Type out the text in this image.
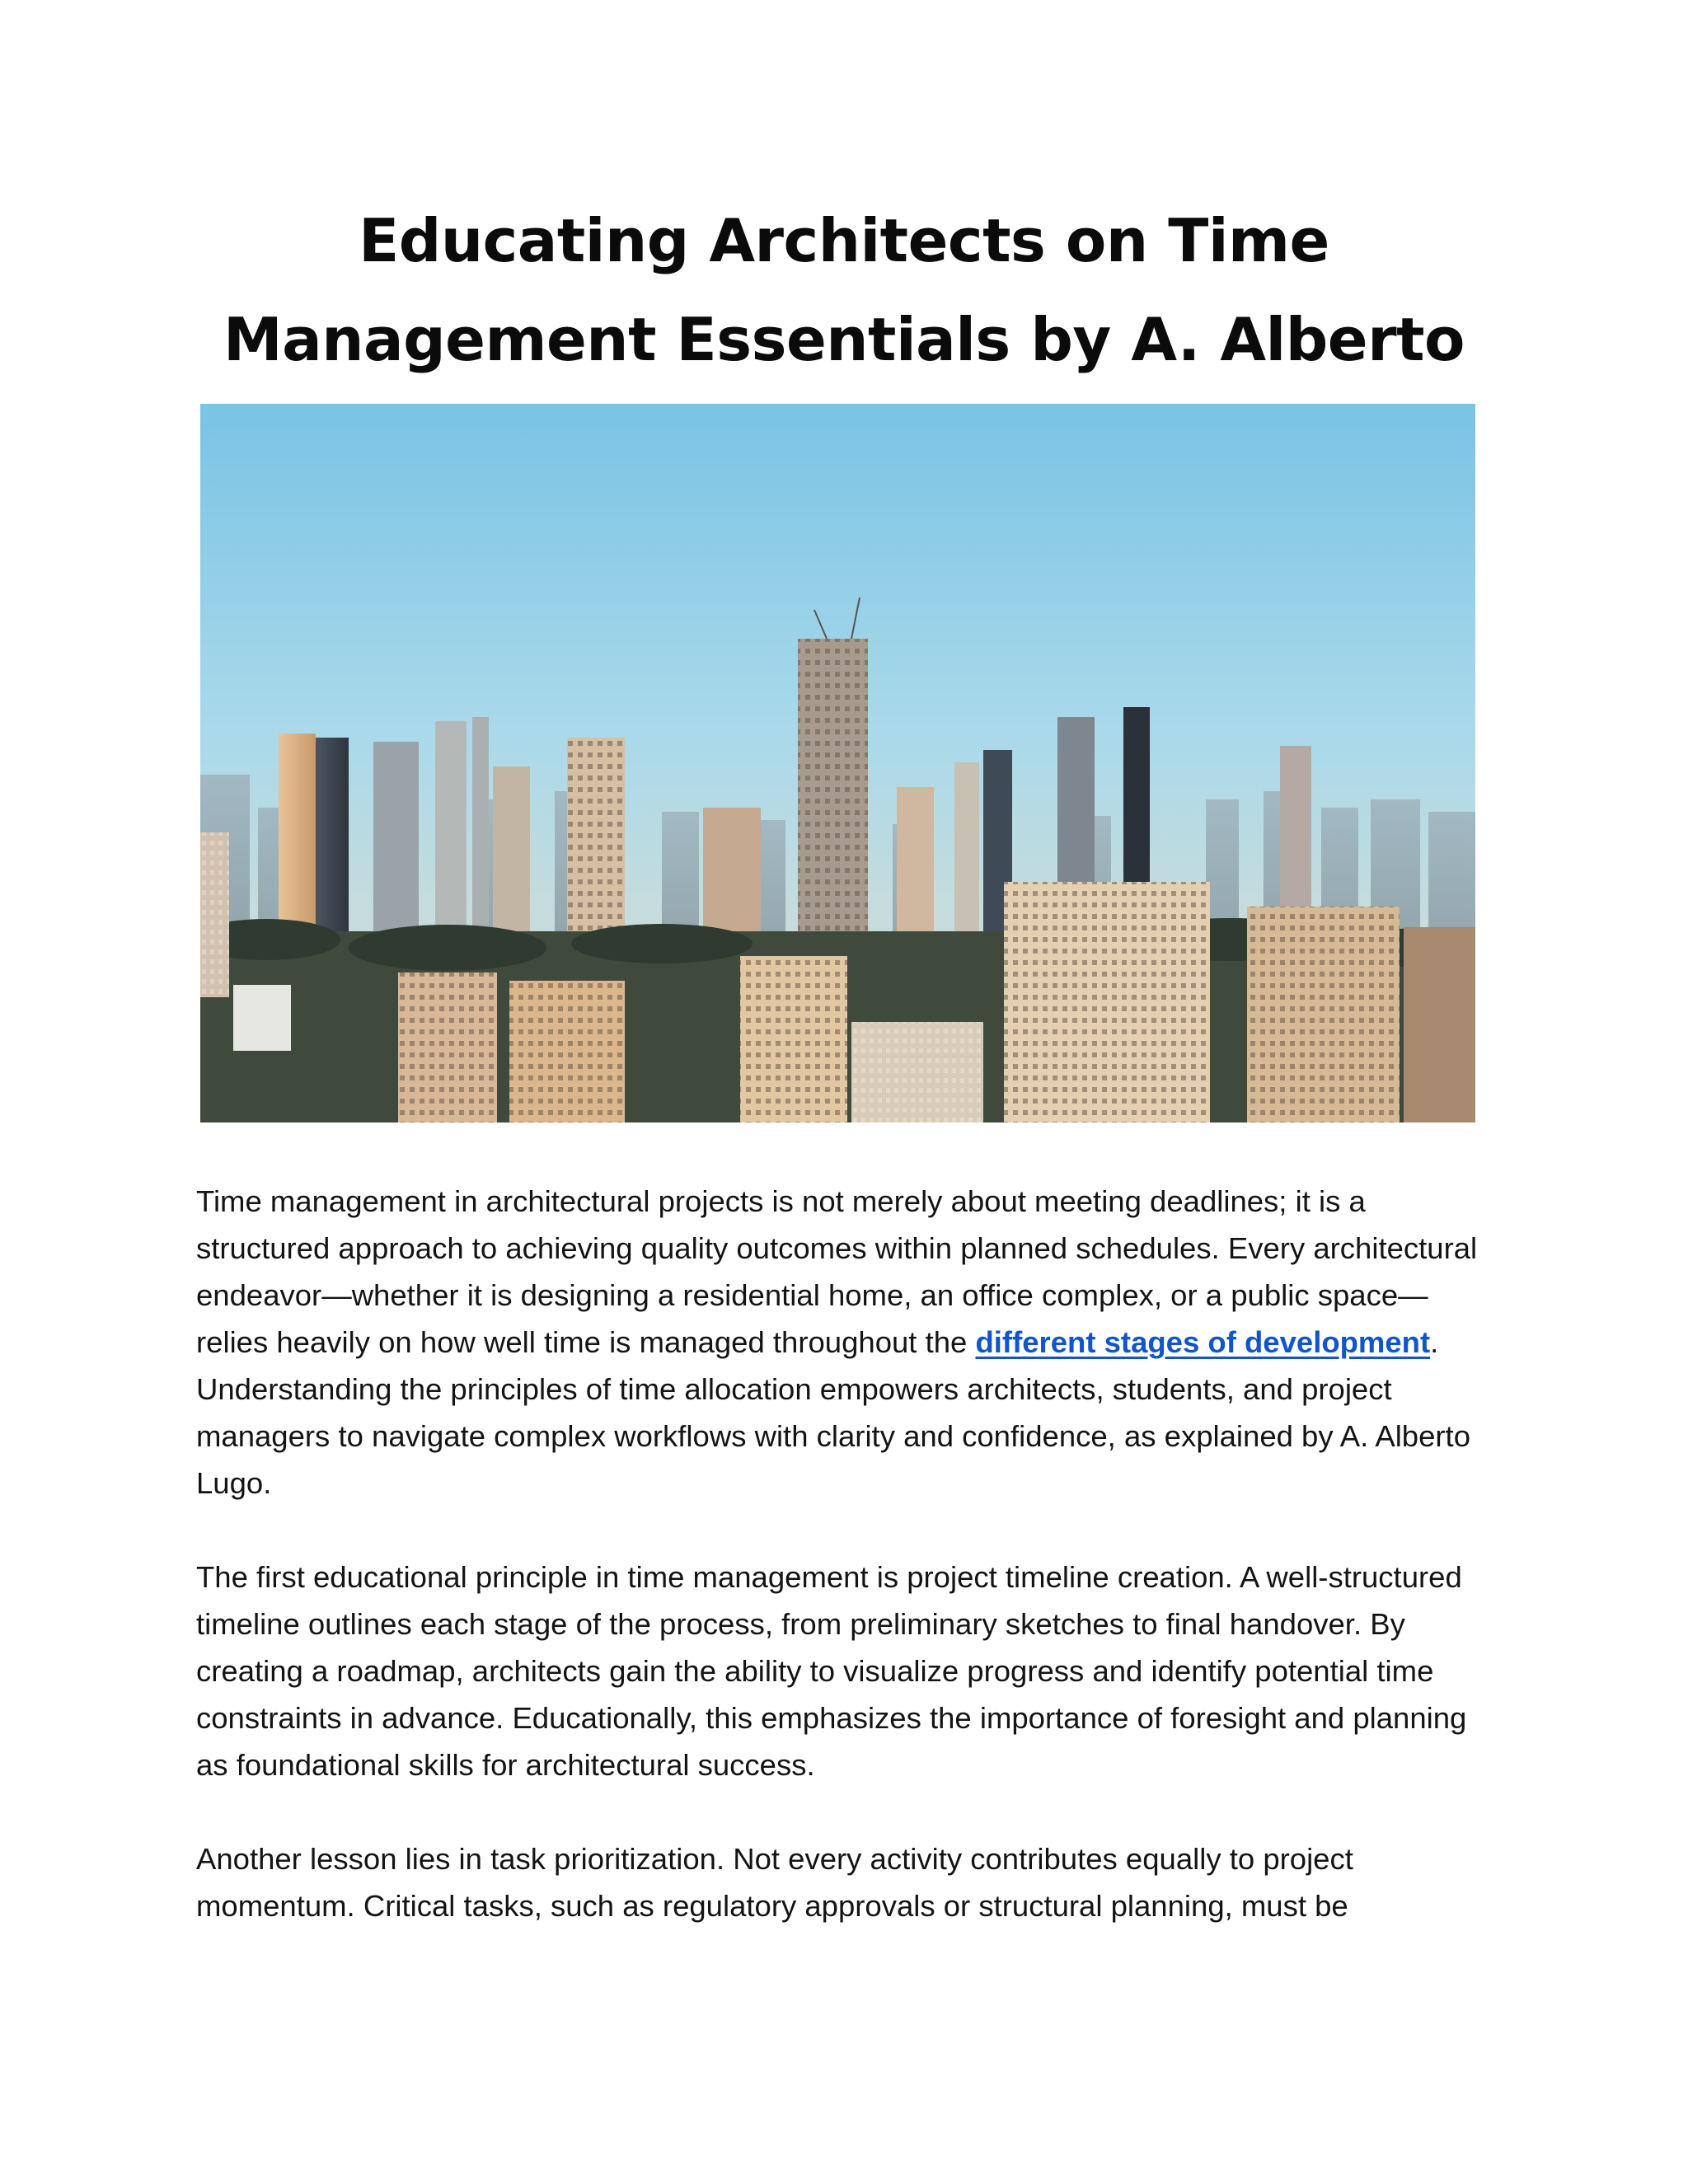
Educating Architects on Time Management Essentials by A. Alberto

Time management in architectural projects is not merely about meeting deadlines; it is a structured approach to achieving quality outcomes within planned schedules. Every architectural endeavor—whether it is designing a residential home, an office complex, or a public space—relies heavily on how well time is managed throughout the different stages of development. Understanding the principles of time allocation empowers architects, students, and project managers to navigate complex workflows with clarity and confidence, as explained by A. Alberto Lugo.

The first educational principle in time management is project timeline creation. A well-structured timeline outlines each stage of the process, from preliminary sketches to final handover. By creating a roadmap, architects gain the ability to visualize progress and identify potential time constraints in advance. Educationally, this emphasizes the importance of foresight and planning as foundational skills for architectural success.

Another lesson lies in task prioritization. Not every activity contributes equally to project momentum. Critical tasks, such as regulatory approvals or structural planning, must be
